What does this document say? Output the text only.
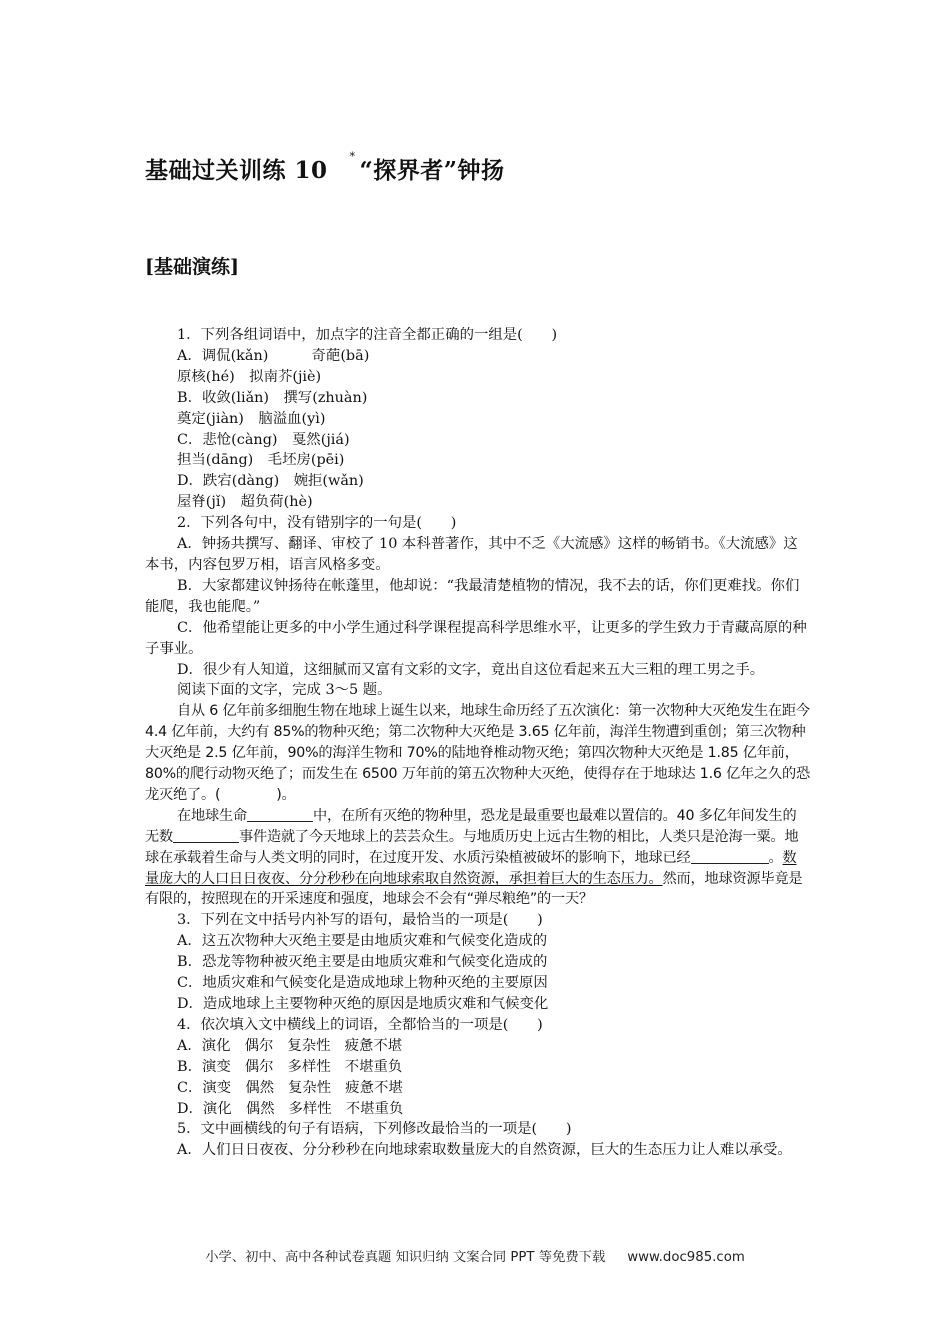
基础过关训练 10*“探界者”钟扬
[基础演练]

1．下列各组词语中，加点字的注音全都正确的一组是(　　)

A．调侃(kǎn)　　　奇葩(bā)

原核(hé)　拟南芥(jiè)

B．收敛(liǎn)　撰写(zhuàn)

奠定(jiàn)　脑溢血(yì)

C．悲怆(càng)　戛然(jiá)

担当(dāng)　毛坯房(pēi)

D．跌宕(dàng)　婉拒(wǎn)

屋脊(jǐ)　超负荷(hè)

2．下列各句中，没有错别字的一句是(　　)

A．钟扬共撰写、翻译、审校了 10 本科普著作，其中不乏《大流感》这样的畅销书。《大流感》这本书，内容包罗万相，语言风格多变。

B．大家都建议钟扬待在帐蓬里，他却说：“我最清楚植物的情况，我不去的话，你们更难找。你们能爬，我也能爬。”

C．他希望能让更多的中小学生通过科学课程提高科学思维水平，让更多的学生致力于青藏高原的种子事业。

D．很少有人知道，这细腻而又富有文彩的文字，竟出自这位看起来五大三粗的理工男之手。

阅读下面的文字，完成 3～5 题。

自从 6 亿年前多细胞生物在地球上诞生以来，地球生命历经了五次演化：第一次物种大灭绝发生在距今 4.4 亿年前，大约有 85%的物种灭绝；第二次物种大灭绝是 3.65 亿年前，海洋生物遭到重创；第三次物种大灭绝是 2.5 亿年前，90%的海洋生物和 70%的陆地脊椎动物灭绝；第四次物种大灭绝是 1.85 亿年前，80%的爬行动物灭绝了；而发生在 6500 万年前的第五次物种大灭绝，使得存在于地球达 1.6 亿年之久的恐龙灭绝了。(　　　　)。

在地球生命	中，在所有灭绝的物种里，恐龙是最重要也最难以置信的。40 多亿年间发生的无数	事件造就了今天地球上的芸芸众生。与地质历史上远古生物的相比，人类只是沧海一粟。地球在承载着生命与人类文明的同时，在过度开发、水质污染植被破坏的影响下，地球已经	。数量庞大的人口日日夜夜、分分秒秒在向地球索取自然资源，承担着巨大的生态压力。然而，地球资源毕竟是有限的，按照现在的开采速度和强度，地球会不会有“弹尽粮绝”的一天？

3．下列在文中括号内补写的语句，最恰当的一项是(　　)

A．这五次物种大灭绝主要是由地质灾难和气候变化造成的

B．恐龙等物种被灭绝主要是由地质灾难和气候变化造成的

C．地质灾难和气候变化是造成地球上物种灭绝的主要原因

D．造成地球上主要物种灭绝的原因是地质灾难和气候变化

4．依次填入文中横线上的词语，全都恰当的一项是(　　)

A．演化 偶尔 复杂性 疲惫不堪

B．演变 偶尔 多样性 不堪重负

C．演变 偶然 复杂性 疲惫不堪

D．演化 偶然 多样性 不堪重负

5．文中画横线的句子有语病，下列修改最恰当的一项是(　　)

A．人们日日夜夜、分分秒秒在向地球索取数量庞大的自然资源，巨大的生态压力让人难以承受。

小学、初中、高中各种试卷真题 知识归纳 文案合同 PPT 等免费下载 www.doc985.com
